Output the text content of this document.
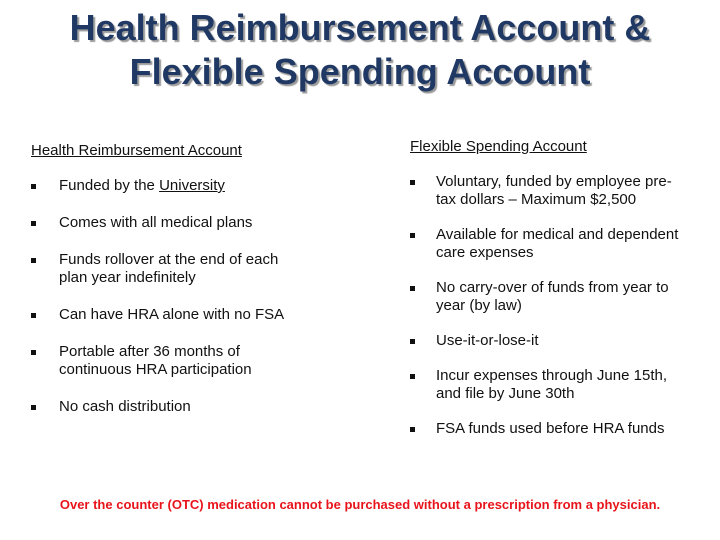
Health Reimbursement Account &
Flexible Spending Account
Health Reimbursement Account
Funded by the University
Comes with all medical plans
Funds rollover at the end of each plan year indefinitely
Can have HRA alone with no FSA
Portable after 36 months of continuous HRA participation
No cash distribution
Flexible Spending Account
Voluntary, funded by employee pre-tax dollars – Maximum $2,500
Available for medical and dependent care expenses
No carry-over of funds from year to year (by law)
Use-it-or-lose-it
Incur expenses through June 15th, and file by June 30th
FSA funds used before HRA funds

Over the counter (OTC) medication cannot be purchased without a prescription from a physician.
